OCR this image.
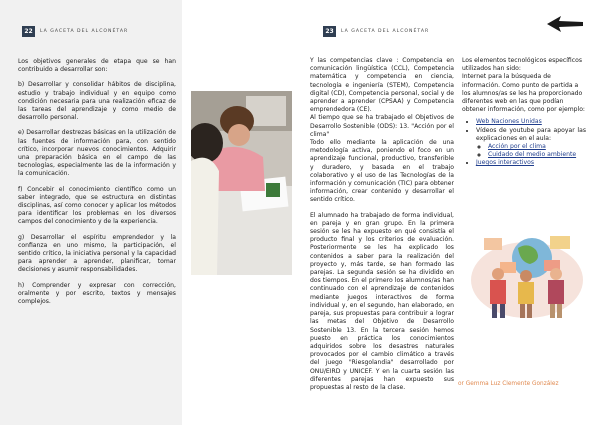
22	LA GACETA DEL ALCONÉTAR	23	LA GACETA DEL ALCONÉTAR

Los objetivos generales de etapa que se han contribuido a desarrollar son:

b) Desarrollar y consolidar hábitos de disciplina, estudio y trabajo individual y en equipo como condición necesaria para una realización eficaz de las tareas del aprendizaje y como medio de desarrollo personal.

e) Desarrollar destrezas básicas en la utilización de las fuentes de información para, con sentido crítico, incorporar nuevos conocimientos. Adquirir una preparación básica en el campo de las tecnologías, especialmente las de la información y la comunicación.

f) Concebir el conocimiento científico como un saber integrado, que se estructura en distintas disciplinas, así como conocer y aplicar los métodos para identificar los problemas en los diversos campos del conocimiento y de la experiencia.

g) Desarrollar el espíritu emprendedor y la confianza en uno mismo, la participación, el sentido crítico, la iniciativa personal y la capacidad para aprender a aprender, planificar, tomar decisiones y asumir responsabilidades.

h) Comprender y expresar con corrección, oralmente y por escrito, textos y mensajes complejos.

Y las competencias clave : Competencia en comunicación lingüística (CCL), Competencia matemática y competencia en ciencia, tecnología e ingeniería (STEM), Competencia digital (CD), Competencia personal, social y de aprender a aprender (CPSAA) y Competencia emprendedora (CE).

Al tiempo que se ha trabajado el Objetivos de Desarrollo Sostenible (ODS): 13. "Acción por el clima"

Todo ello mediante la aplicación de una metodología activa, poniendo el foco en un aprendizaje funcional, productivo, transferible y duradero, y basada en el trabajo colaborativo y el uso de las Tecnologías de la información y comunicación (TIC) para obtener información, crear contenido y desarrollar el sentido crítico.

El alumnado ha trabajado de forma individual, en pareja y en gran grupo. En la primera sesión se les ha expuesto en qué consistía el producto final y los criterios de evaluación. Posteriormente se les ha explicado los contenidos a saber para la realización del proyecto y, más tarde, se han formado las parejas. La segunda sesión se ha dividido en dos tiempos. En el primero los alumnos/as han continuado con el aprendizaje de contenidos mediante juegos interactivos de forma individual y, en el segundo, han elaborado, en pareja, sus propuestas para contribuir a lograr las metas del Objetivo de Desarrollo Sostenible 13. En la tercera sesión hemos puesto en práctica los conocimientos adquiridos sobre los desastres naturales provocados por el cambio climático a través del juego "Riesgolandia" desarrollado por ONU/EIRD y UNICEF. Y en la cuarta sesión las diferentes parejas han expuesto sus propuestas al resto de la clase.

Los elementos tecnológicos específicos utilizados han sido:

Internet para la búsqueda de información. Como punto de partida a los alumnos/as se les ha proporcionado diferentes web en las que podían obtener información, como por ejemplo:

• Web Naciones Unidas
• Vídeos de youtube para apoyar las explicaciones en el aula:
◦ Acción por el clima
◦ Cuidado del medio ambiente
• Juegos interactivos
or Gemma Luz Clemente González
